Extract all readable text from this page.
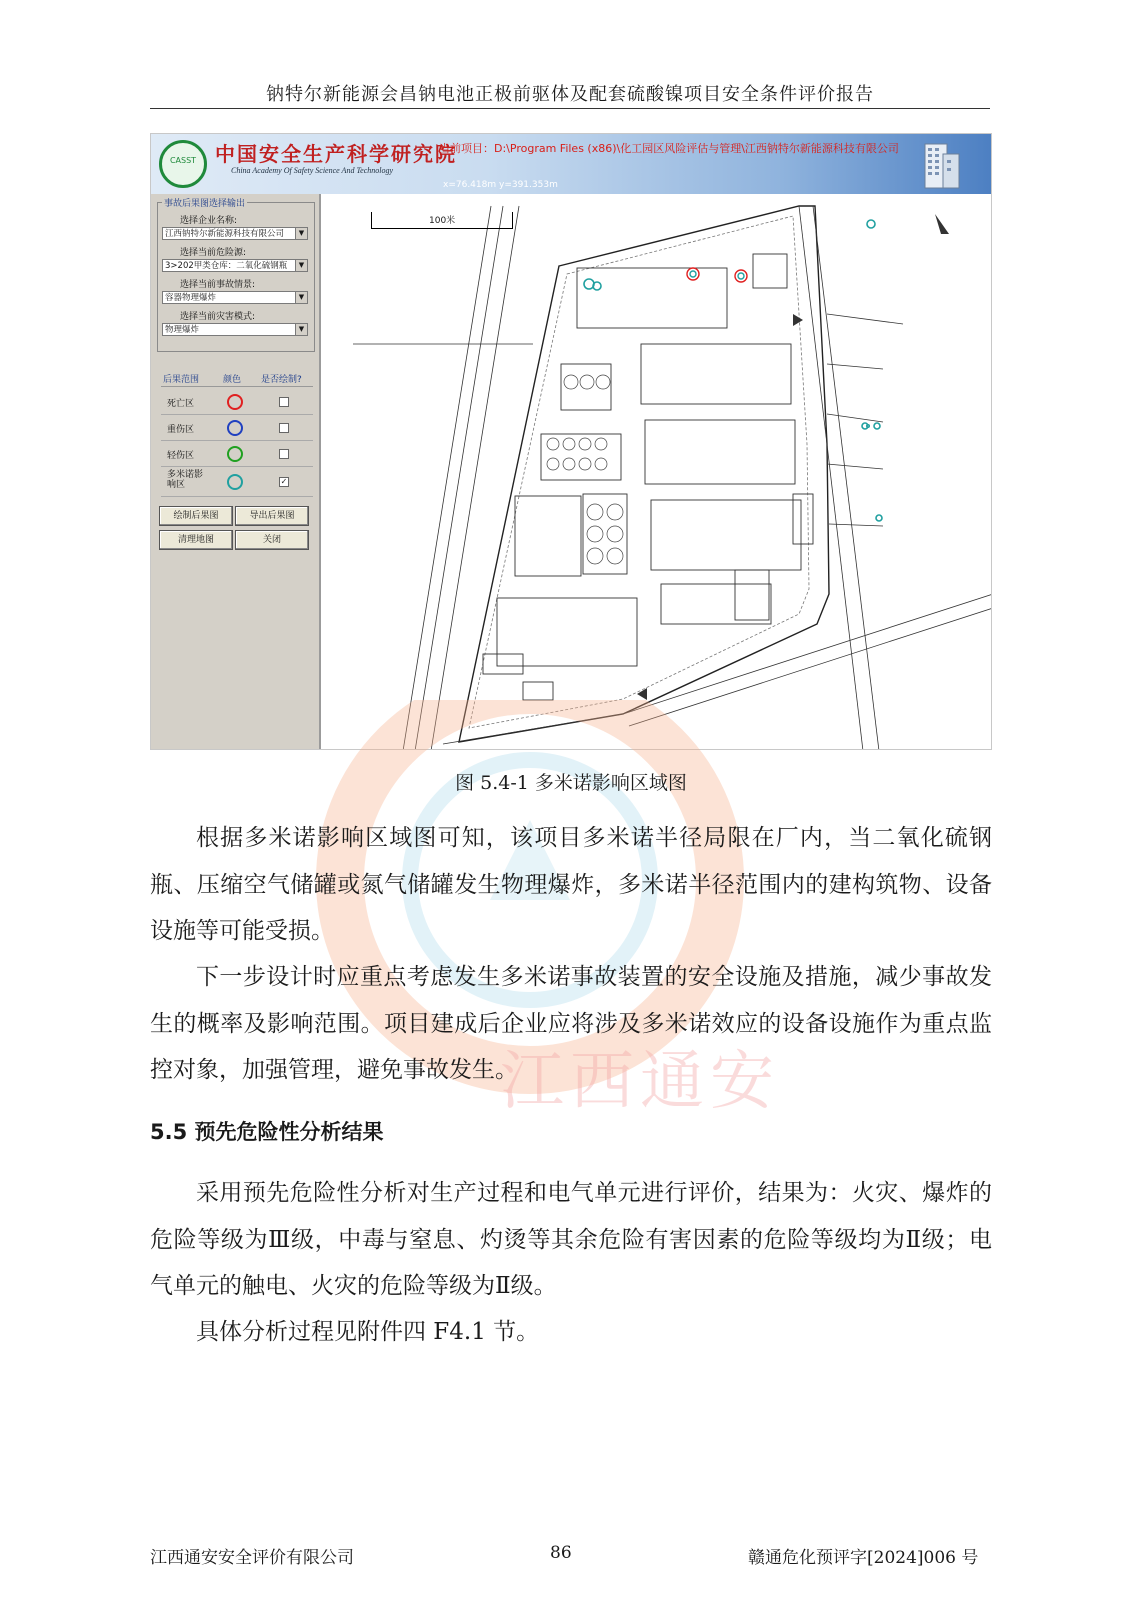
钠特尔新能源会昌钠电池正极前驱体及配套硫酸镍项目安全条件评价报告
CASST 中国安全生产科学研究院
China Academy Of Safety Science And Technology
当前项目：D:\Program Files (x86)\化工园区风险评估与管理\江西钠特尔新能源科技有限公司
x=76.418m y=391.353m
事故后果图选择输出
选择企业名称:
江西钠特尔新能源科技有限公司	▼
选择当前危险源:
3>202甲类仓库：二氧化硫钢瓶	▼
选择当前事故情景:
容器物理爆炸	▼
选择当前灾害模式:
物理爆炸	▼
后果范围	颜色 是否绘制?
死亡区
重伤区
轻伤区
多米诺影响区	✓
绘制后果图	导出后果图
清理地图	关闭
100米
江西通安
图 5.4-1 多米诺影响区域图
根据多米诺影响区域图可知，该项目多米诺半径局限在厂内，当二氧化硫钢瓶、压缩空气储罐或氮气储罐发生物理爆炸，多米诺半径范围内的建构筑物、设备设施等可能受损。
下一步设计时应重点考虑发生多米诺事故装置的安全设施及措施，减少事故发生的概率及影响范围。项目建成后企业应将涉及多米诺效应的设备设施作为重点监控对象，加强管理，避免事故发生。
5.5 预先危险性分析结果
采用预先危险性分析对生产过程和电气单元进行评价，结果为：火灾、爆炸的危险等级为Ⅲ级，中毒与窒息、灼烫等其余危险有害因素的危险等级均为Ⅱ级；电气单元的触电、火灾的危险等级为Ⅱ级。
具体分析过程见附件四 F4.1 节。
江西通安安全评价有限公司	86	赣通危化预评字[2024]006 号
